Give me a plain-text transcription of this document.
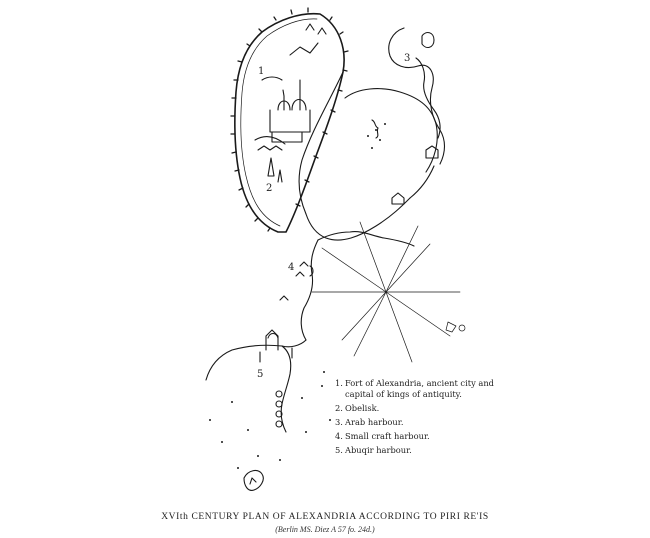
1
2
3
4
5
1. Fort of Alexandria, ancient city and capital of kings of antiquity.
2. Obelisk.
3. Arab harbour.
4. Small craft harbour.
5. Abuqir harbour.
XVIth CENTURY PLAN OF ALEXANDRIA ACCORDING TO PIRI RE'IS
(Berlin MS. Diez A 57 fo. 24d.)
